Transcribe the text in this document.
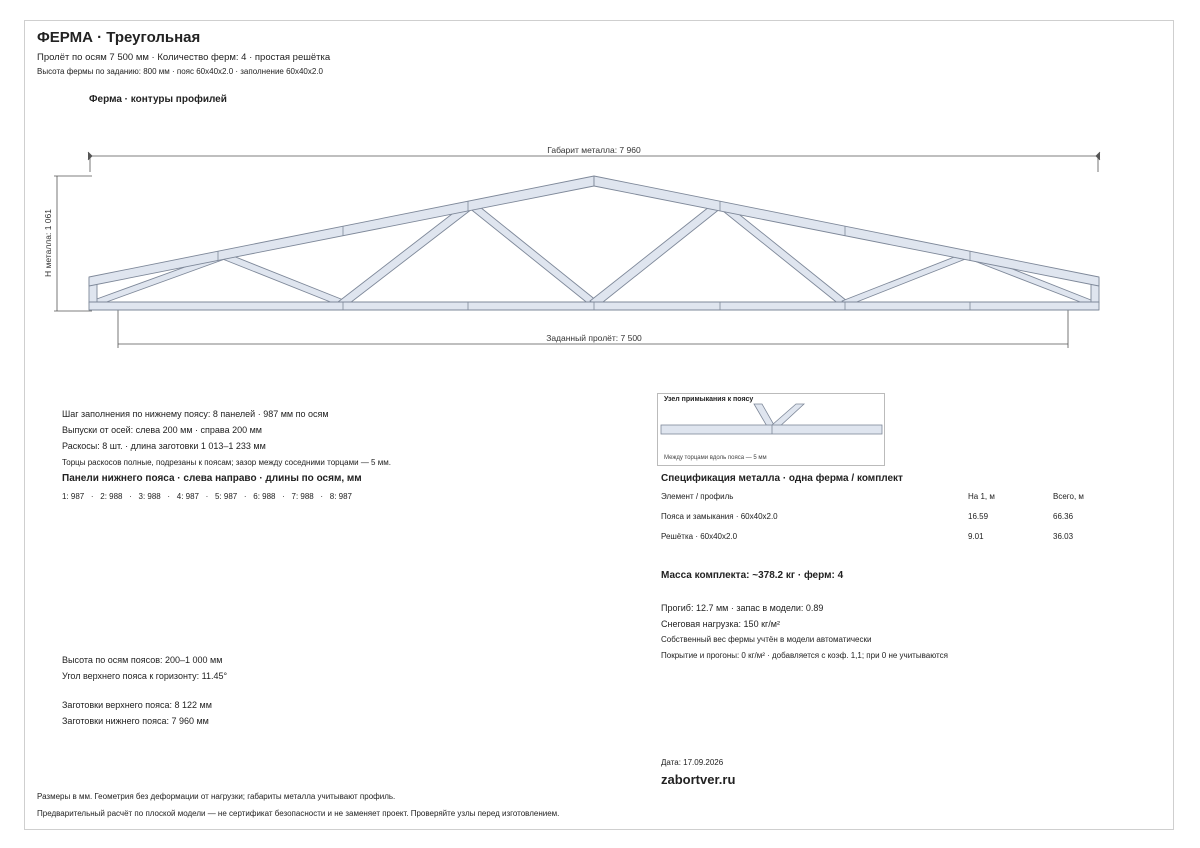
ФЕРМА · Треугольная
Пролёт по осям 7 500 мм · Количество ферм: 4 · простая решётка
Высота фермы по заданию: 800 мм · пояс 60x40x2.0 · заполнение 60x40x2.0
Ферма · контуры профилей
Габарит металла: 7 960
Н металла: 1 061
Заданный пролёт: 7 500
Шаг заполнения по нижнему поясу: 8 панелей · 987 мм по осям
Выпуски от осей: слева 200 мм · справа 200 мм
Раскосы: 8 шт. · длина заготовки 1 013–1 233 мм
Торцы раскосов полные, подрезаны к поясам; зазор между соседними торцами — 5 мм.
Панели нижнего пояса · слева направо · длины по осям, мм
1: 987   ·   2: 988   ·   3: 988   ·   4: 987   ·   5: 987   ·   6: 988   ·   7: 988   ·   8: 987
Узел примыкания к поясу
Между торцами вдоль пояса — 5 мм
Спецификация металла · одна ферма / комплект
Элемент / профиль	На 1, м	Всего, м
Пояса и замыкания · 60x40x2.0	16.59	66.36
Решётка · 60x40x2.0	9.01	36.03
Масса комплекта: ~378.2 кг · ферм: 4
Прогиб: 12.7 мм · запас в модели: 0.89
Снеговая нагрузка: 150 кг/м²
Собственный вес фермы учтён в модели автоматически
Покрытие и прогоны: 0 кг/м² · добавляется с коэф. 1,1; при 0 не учитываются
Высота по осям поясов: 200–1 000 мм
Угол верхнего пояса к горизонту: 11.45°
Заготовки верхнего пояса: 8 122 мм
Заготовки нижнего пояса: 7 960 мм
Дата: 17.09.2026
zabortver.ru
Размеры в мм. Геометрия без деформации от нагрузки; габариты металла учитывают профиль.
Предварительный расчёт по плоской модели — не сертификат безопасности и не заменяет проект. Проверяйте узлы перед изготовлением.
